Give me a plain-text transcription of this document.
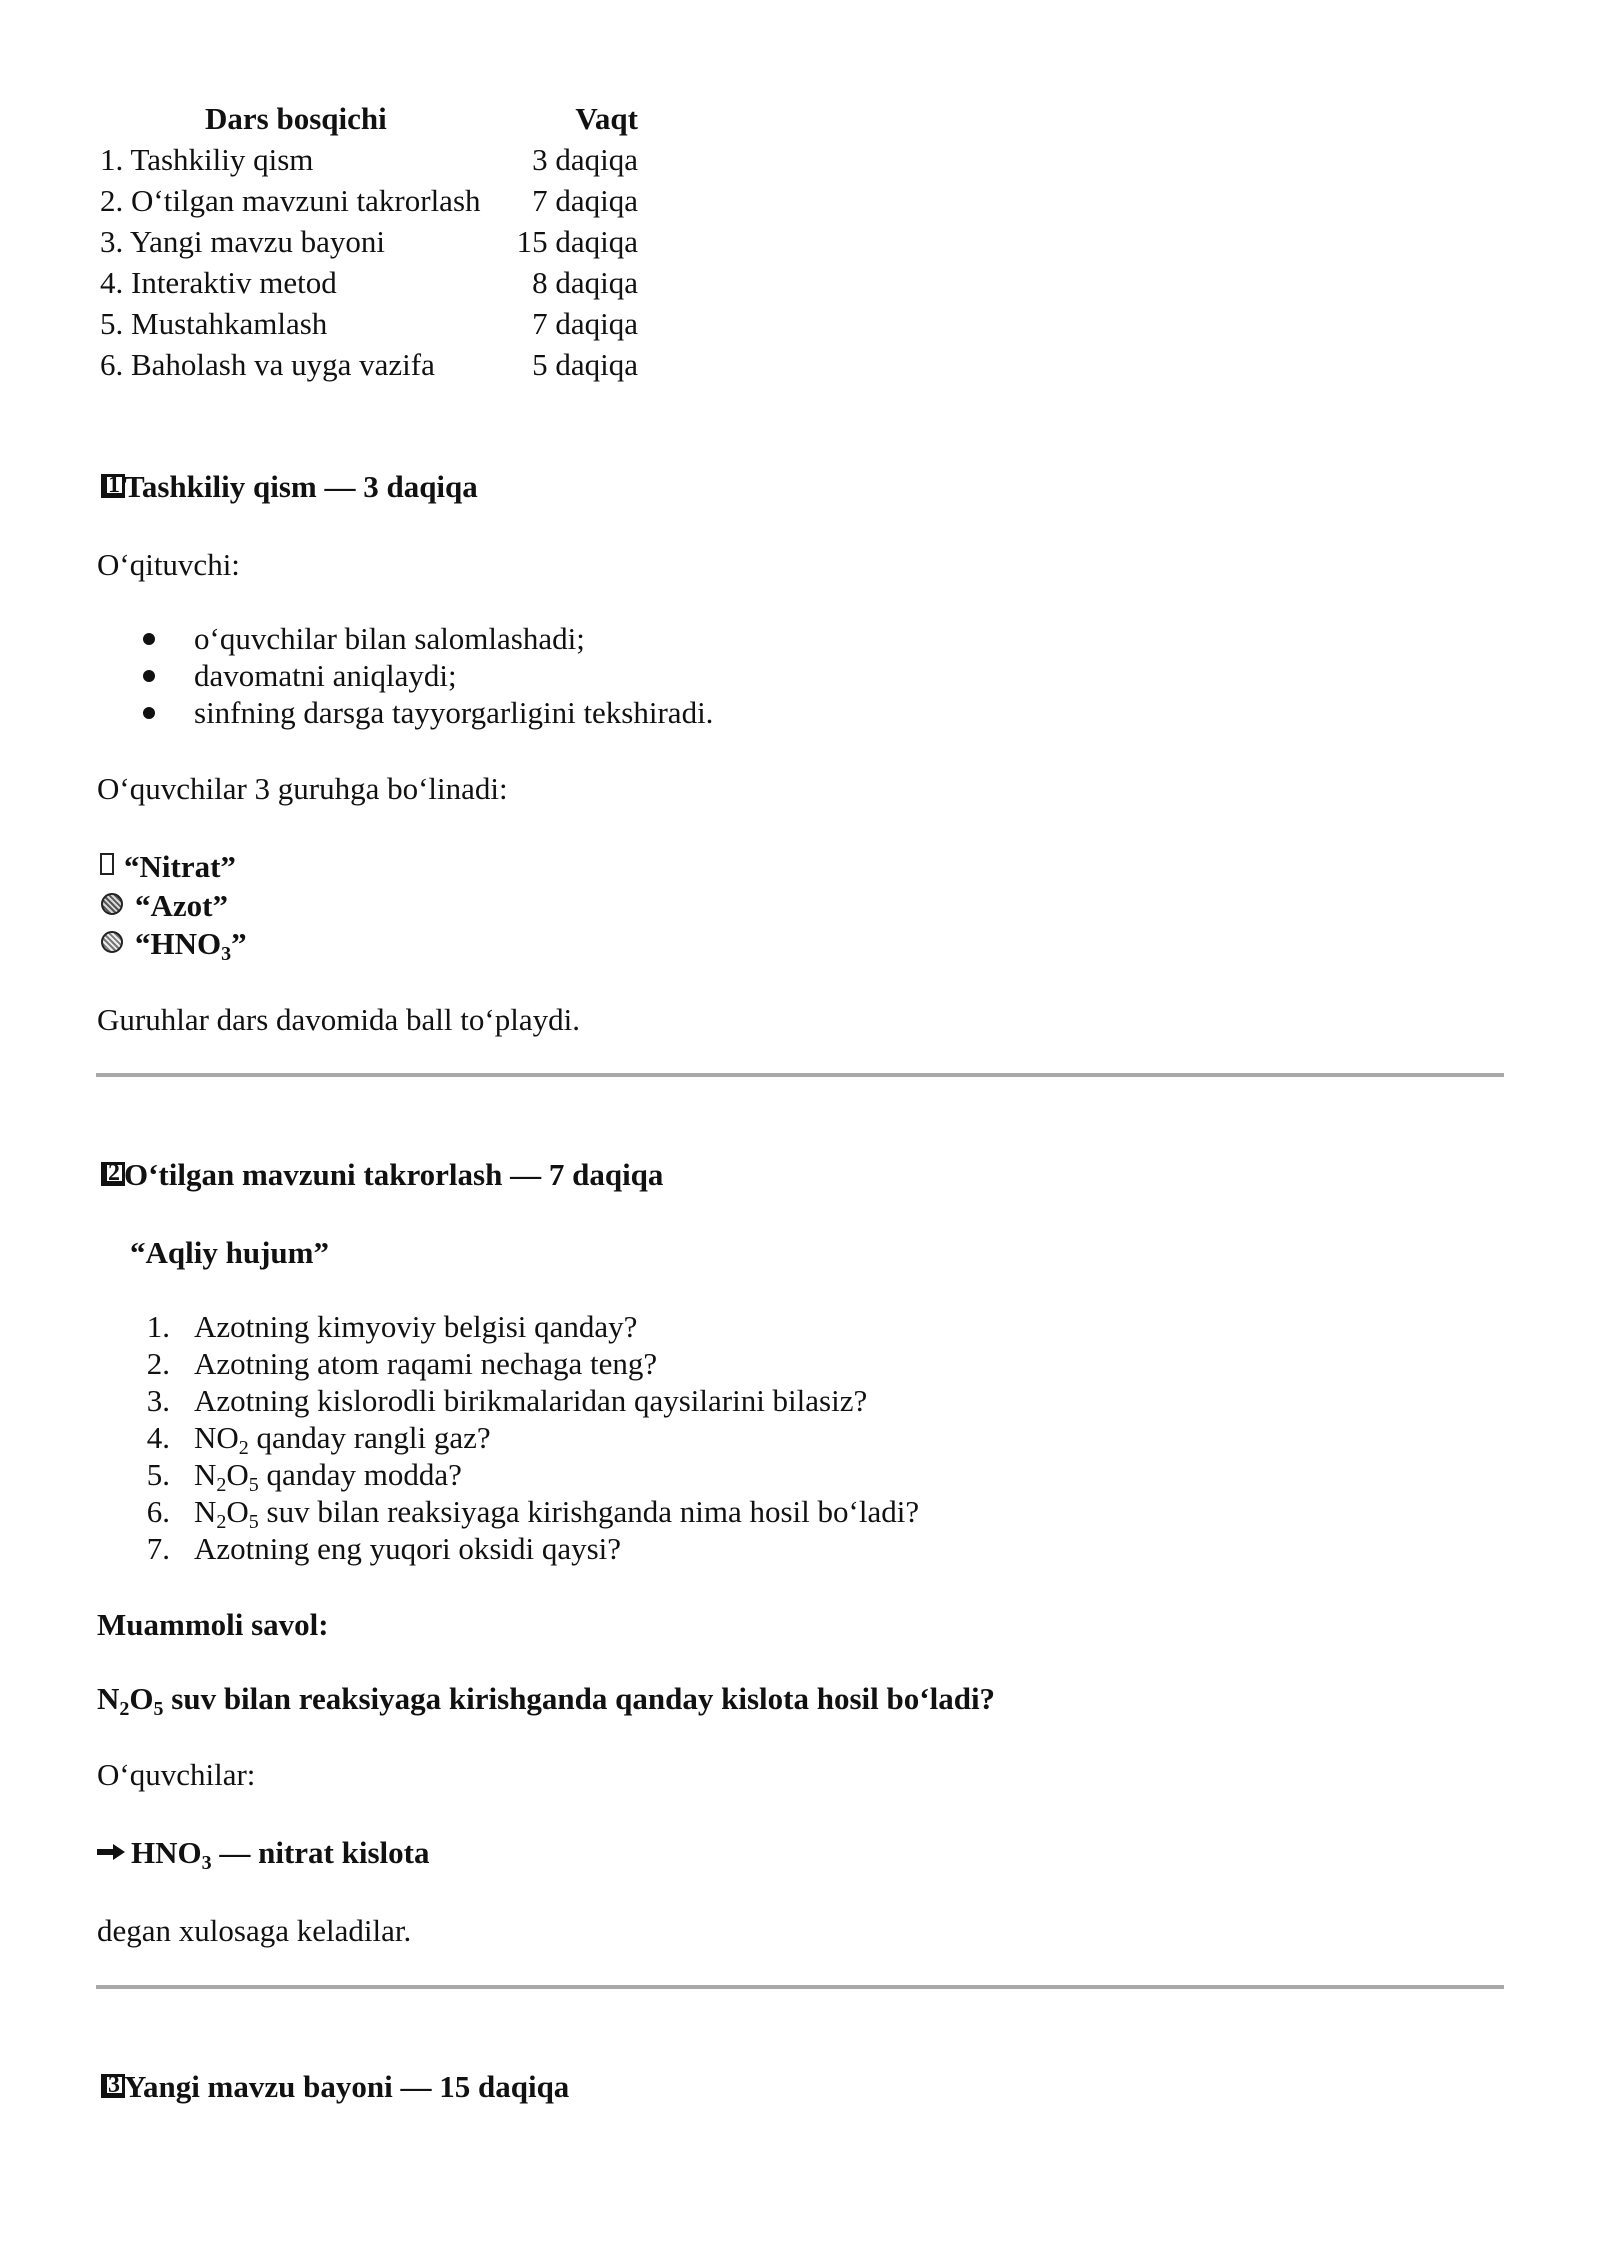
Dars bosqichi	Vaqt
1. Tashkiliy qism	3 daqiqa
2. O‘tilgan mavzuni takrorlash	7 daqiqa
3. Yangi mavzu bayoni	15 daqiqa
4. Interaktiv metod	8 daqiqa
5. Mustahkamlash	7 daqiqa
6. Baholash va uyga vazifa	5 daqiqa
1 Tashkiliy qism — 3 daqiqa
O‘qituvchi:
o‘quvchilar bilan salomlashadi;
davomatni aniqlaydi;
sinfning darsga tayyorgarligini tekshiradi.
O‘quvchilar 3 guruhga bo‘linadi:
“Nitrat”
“Azot”
“$HNO_3$”
Guruhlar dars davomida ball to‘playdi.
2 O‘tilgan mavzuni takrorlash — 7 daqiqa
“Aqliy hujum”
1. Azotning kimyoviy belgisi qanday?
2. Azotning atom raqami nechaga teng?
3. Azotning kislorodli birikmalaridan qaysilarini bilasiz?
4. $NO_2$ qanday rangli gaz?
5. $N_2O_5$ qanday modda?
6. $N_2O_5$ suv bilan reaksiyaga kirishganda nima hosil bo‘ladi?
7. Azotning eng yuqori oksidi qaysi?
Muammoli savol:
$N_2O_5$ suv bilan reaksiyaga kirishganda qanday kislota hosil bo‘ladi?
O‘quvchilar:
$HNO_3$ — nitrat kislota
degan xulosaga keladilar.
3 Yangi mavzu bayoni — 15 daqiqa
